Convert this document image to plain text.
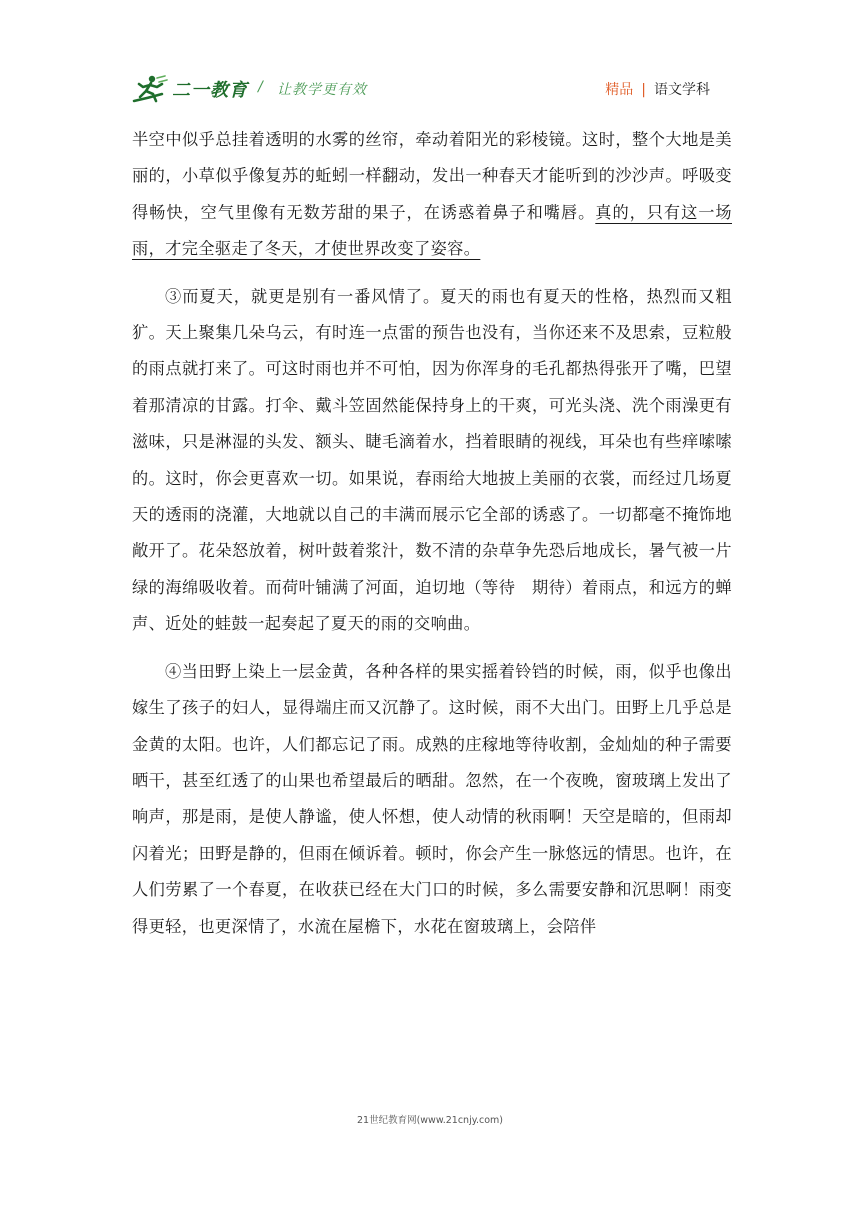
二一教育 / 让教学更有效	精品 | 语文学科

半空中似乎总挂着透明的水雾的丝帘，牵动着阳光的彩棱镜。这时，整个大地是美丽的，小草似乎像复苏的蚯蚓一样翻动，发出一种春天才能听到的沙沙声。呼吸变得畅快，空气里像有无数芳甜的果子，在诱惑着鼻子和嘴唇。真的，只有这一场雨，才完全驱走了冬天，才使世界改变了姿容。

③而夏天，就更是别有一番风情了。夏天的雨也有夏天的性格，热烈而又粗犷。天上聚集几朵乌云，有时连一点雷的预告也没有，当你还来不及思索，豆粒般的雨点就打来了。可这时雨也并不可怕，因为你浑身的毛孔都热得张开了嘴，巴望着那清凉的甘露。打伞、戴斗笠固然能保持身上的干爽，可光头浇、洗个雨澡更有滋味，只是淋湿的头发、额头、睫毛滴着水，挡着眼睛的视线，耳朵也有些痒嗦嗦的。这时，你会更喜欢一切。如果说，春雨给大地披上美丽的衣裳，而经过几场夏天的透雨的浇灌，大地就以自己的丰满而展示它全部的诱惑了。一切都毫不掩饰地敞开了。花朵怒放着，树叶鼓着浆汁，数不清的杂草争先恐后地成长，暑气被一片绿的海绵吸收着。而荷叶铺满了河面，迫切地（等待　期待）着雨点，和远方的蝉声、近处的蛙鼓一起奏起了夏天的雨的交响曲。

④当田野上染上一层金黄，各种各样的果实摇着铃铛的时候，雨，似乎也像出嫁生了孩子的妇人，显得端庄而又沉静了。这时候，雨不大出门。田野上几乎总是金黄的太阳。也许，人们都忘记了雨。成熟的庄稼地等待收割，金灿灿的种子需要晒干，甚至红透了的山果也希望最后的晒甜。忽然，在一个夜晚，窗玻璃上发出了响声，那是雨，是使人静谧，使人怀想，使人动情的秋雨啊！天空是暗的，但雨却闪着光；田野是静的，但雨在倾诉着。顿时，你会产生一脉悠远的情思。也许，在人们劳累了一个春夏，在收获已经在大门口的时候，多么需要安静和沉思啊！雨变得更轻，也更深情了，水流在屋檐下，水花在窗玻璃上，会陪伴

21世纪教育网(www.21cnjy.com)
